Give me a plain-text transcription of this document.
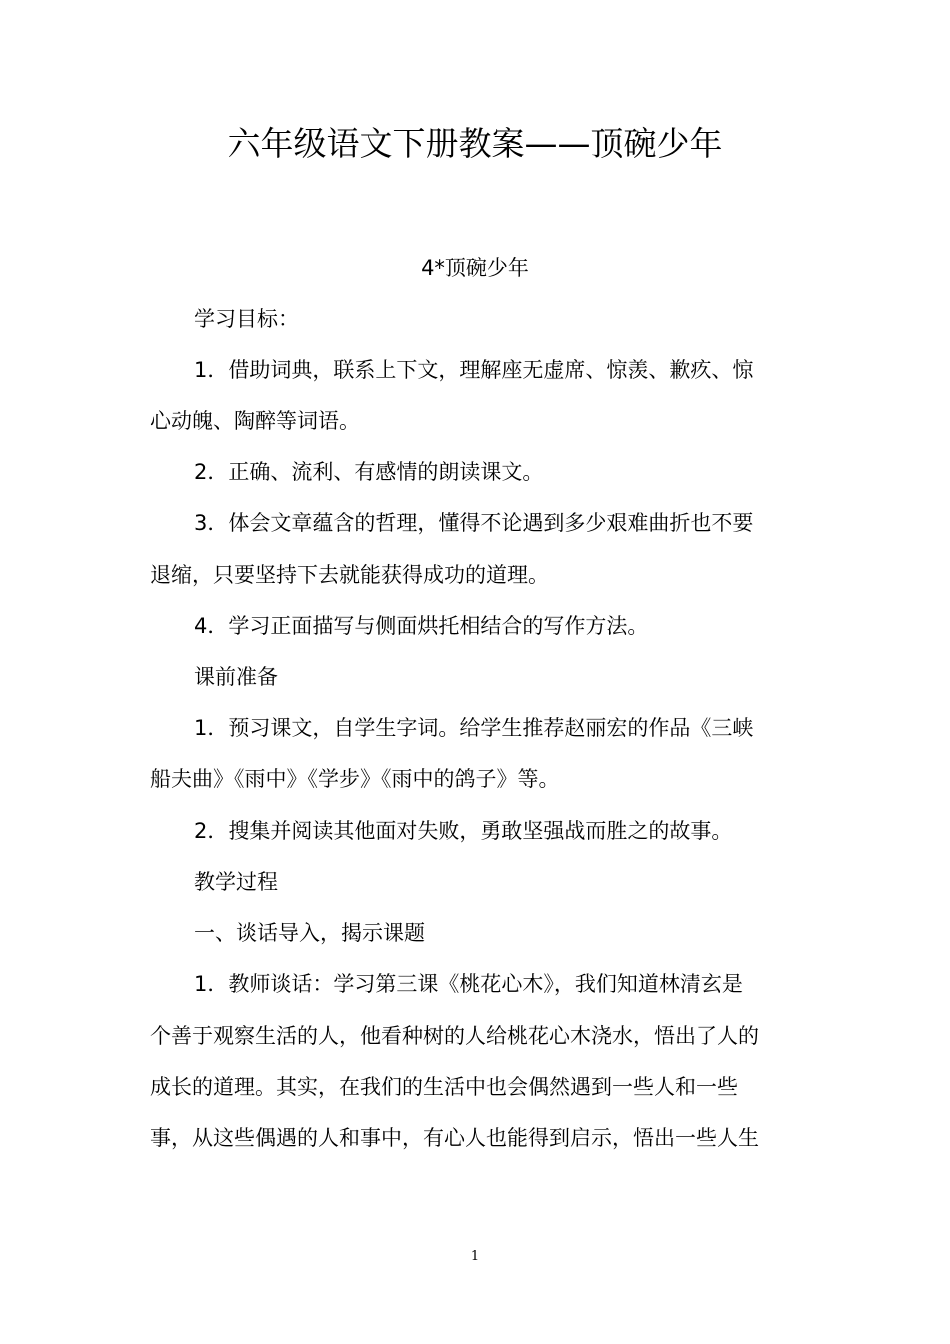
六年级语文下册教案——顶碗少年
4*顶碗少年
学习目标：
1．借助词典，联系上下文，理解座无虚席、惊羡、歉疚、惊
心动魄、陶醉等词语。
2．正确、流利、有感情的朗读课文。
3．体会文章蕴含的哲理，懂得不论遇到多少艰难曲折也不要
退缩，只要坚持下去就能获得成功的道理。
4．学习正面描写与侧面烘托相结合的写作方法。
课前准备
1．预习课文，自学生字词。给学生推荐赵丽宏的作品《三峡
船夫曲》《雨中》《学步》《雨中的鸽子》等。
2．搜集并阅读其他面对失败，勇敢坚强战而胜之的故事。
教学过程
一、谈话导入，揭示课题
1．教师谈话：学习第三课《桃花心木》，我们知道林清玄是
个善于观察生活的人，他看种树的人给桃花心木浇水，悟出了人的
成长的道理。其实，在我们的生活中也会偶然遇到一些人和一些
事，从这些偶遇的人和事中，有心人也能得到启示，悟出一些人生
1
